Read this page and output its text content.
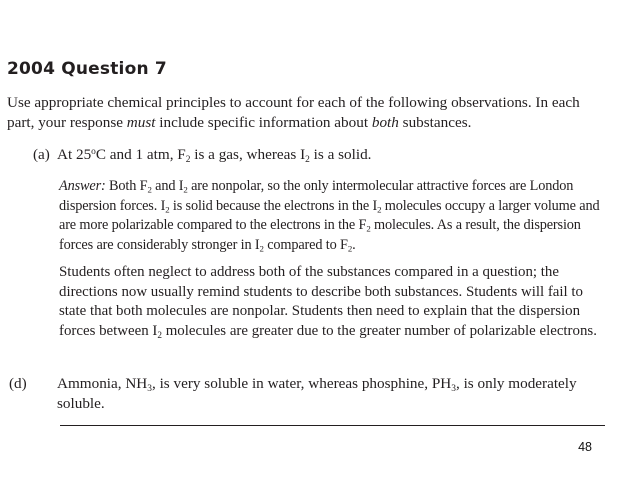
2004 Question 7

Use appropriate chemical principles to account for each of the following observations. In each part, your response must include specific information about both substances.

(a) At 25$^o$C and 1 atm, $F_2$ is a gas, whereas $I_2$ is a solid.

Answer: Both $F_2$ and $I_2$ are nonpolar, so the only intermolecular attractive forces are London dispersion forces. $I_2$ is solid because the electrons in the $I_2$ molecules occupy a larger volume and are more polarizable compared to the electrons in the $F_2$ molecules. As a result, the dispersion forces are considerably stronger in $I_2$ compared to $F_2$.

Students often neglect to address both of the substances compared in a question; the directions now usually remind students to describe both substances. Students will fail to state that both molecules are nonpolar. Students then need to explain that the dispersion forces between $I_2$ molecules are greater due to the greater number of polarizable electrons.

(d) Ammonia, $NH_3$, is very soluble in water, whereas phosphine, $PH_3$, is only moderately soluble.

48
